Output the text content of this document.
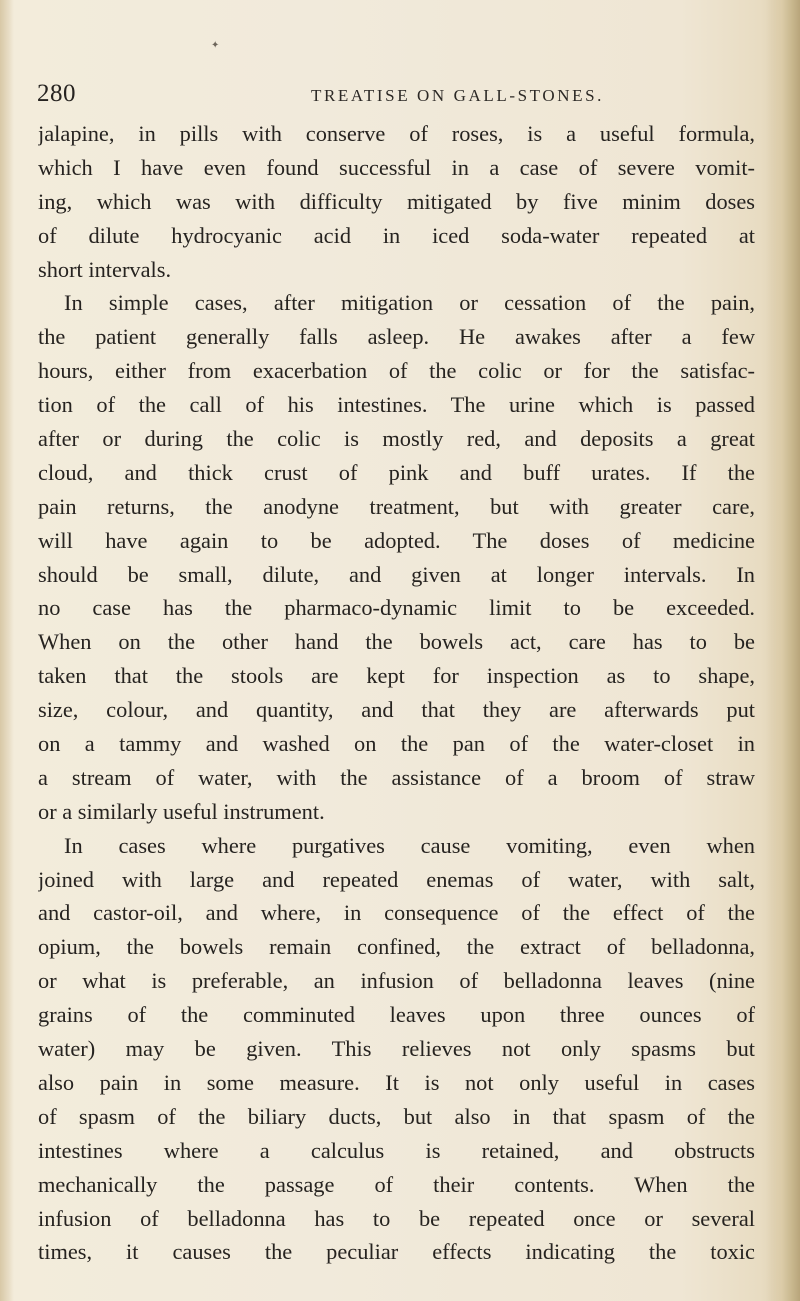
✦
280	TREATISE ON GALL-STONES.
jalapine, in pills with conserve of roses, is a useful formula,
which I have even found successful in a case of severe vomit-
ing, which was with difficulty mitigated by five minim doses
of dilute hydrocyanic acid in iced soda-water repeated at
short intervals.
In simple cases, after mitigation or cessation of the pain,
the patient generally falls asleep. He awakes after a few
hours, either from exacerbation of the colic or for the satisfac-
tion of the call of his intestines. The urine which is passed
after or during the colic is mostly red, and deposits a great
cloud, and thick crust of pink and buff urates. If the
pain returns, the anodyne treatment, but with greater care,
will have again to be adopted. The doses of medicine
should be small, dilute, and given at longer intervals. In
no case has the pharmaco-dynamic limit to be exceeded.
When on the other hand the bowels act, care has to be
taken that the stools are kept for inspection as to shape,
size, colour, and quantity, and that they are afterwards put
on a tammy and washed on the pan of the water-closet in
a stream of water, with the assistance of a broom of straw
or a similarly useful instrument.
In cases where purgatives cause vomiting, even when
joined with large and repeated enemas of water, with salt,
and castor-oil, and where, in consequence of the effect of the
opium, the bowels remain confined, the extract of belladonna,
or what is preferable, an infusion of belladonna leaves (nine
grains of the comminuted leaves upon three ounces of
water) may be given. This relieves not only spasms but
also pain in some measure. It is not only useful in cases
of spasm of the biliary ducts, but also in that spasm of the
intestines where a calculus is retained, and obstructs
mechanically the passage of their contents. When the
infusion of belladonna has to be repeated once or several
times, it causes the peculiar effects indicating the toxic
